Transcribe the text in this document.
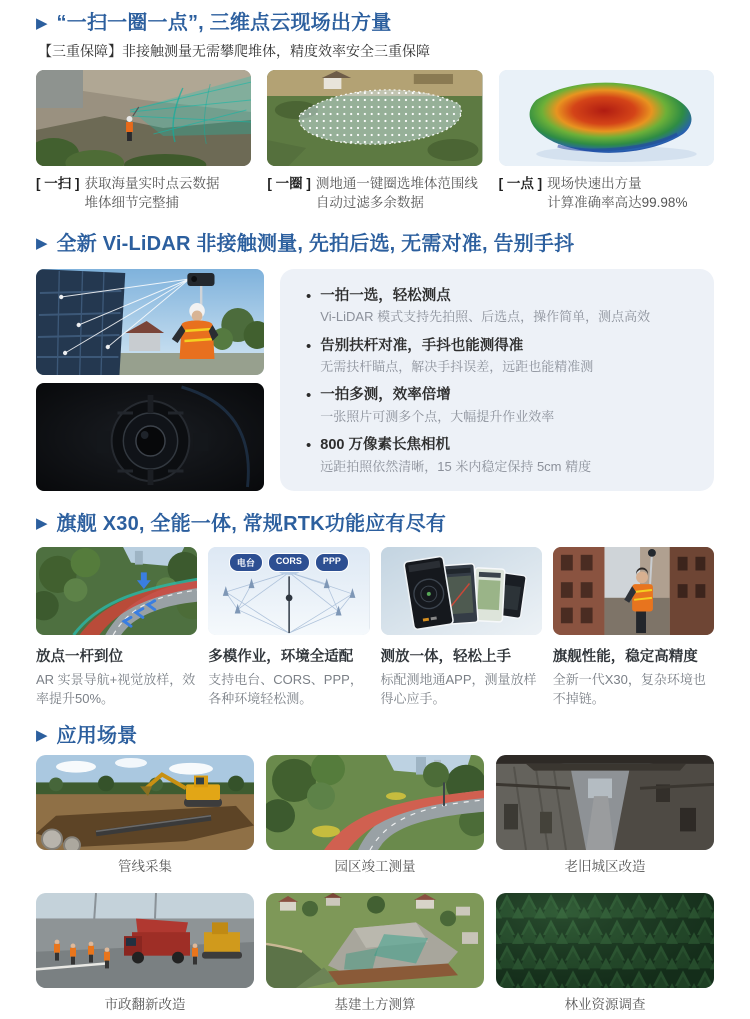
▶ “一扫一圈一点”, 三维点云现场出方量

【三重保障】非接触测量无需攀爬堆体，精度效率安全三重保障

[ 一扫 ] 获取海量实时点云数据
堆体细节完整捕
[ 一圈 ] 测地通一键圈选堆体范围线
自动过滤多余数据
[ 一点 ] 现场快速出方量
计算准确率高达99.98%
▶ 全新 Vi-LiDAR 非接触测量, 先拍后选, 无需对准, 告别手抖
• 一拍一选，轻松测点
Vi-LiDAR 模式支持先拍照、后选点，操作简单，测点高效
• 告别扶杆对准，手抖也能测得准
无需扶杆瞄点，解决手抖误差，远距也能精准测
• 一拍多测，效率倍增
一张照片可测多个点，大幅提升作业效率
• 800 万像素长焦相机
远距拍照依然清晰，15 米内稳定保持 5cm 精度
▶ 旗舰 X30, 全能一体, 常规RTK功能应有尽有
放点一杆到位
AR 实景导航+视觉放样，效率提升50%。
电台	CORS	PPP
多模作业，环境全适配
支持电台、CORS、PPP，各种环境轻松测。
测放一体，轻松上手
标配测地通APP，测量放样得心应手。
旗舰性能，稳定高精度
全新一代X30，复杂环境也不掉链。
▶ 应用场景
管线采集	园区竣工测量	老旧城区改造
市政翻新改造	基建土方测算	林业资源调查
